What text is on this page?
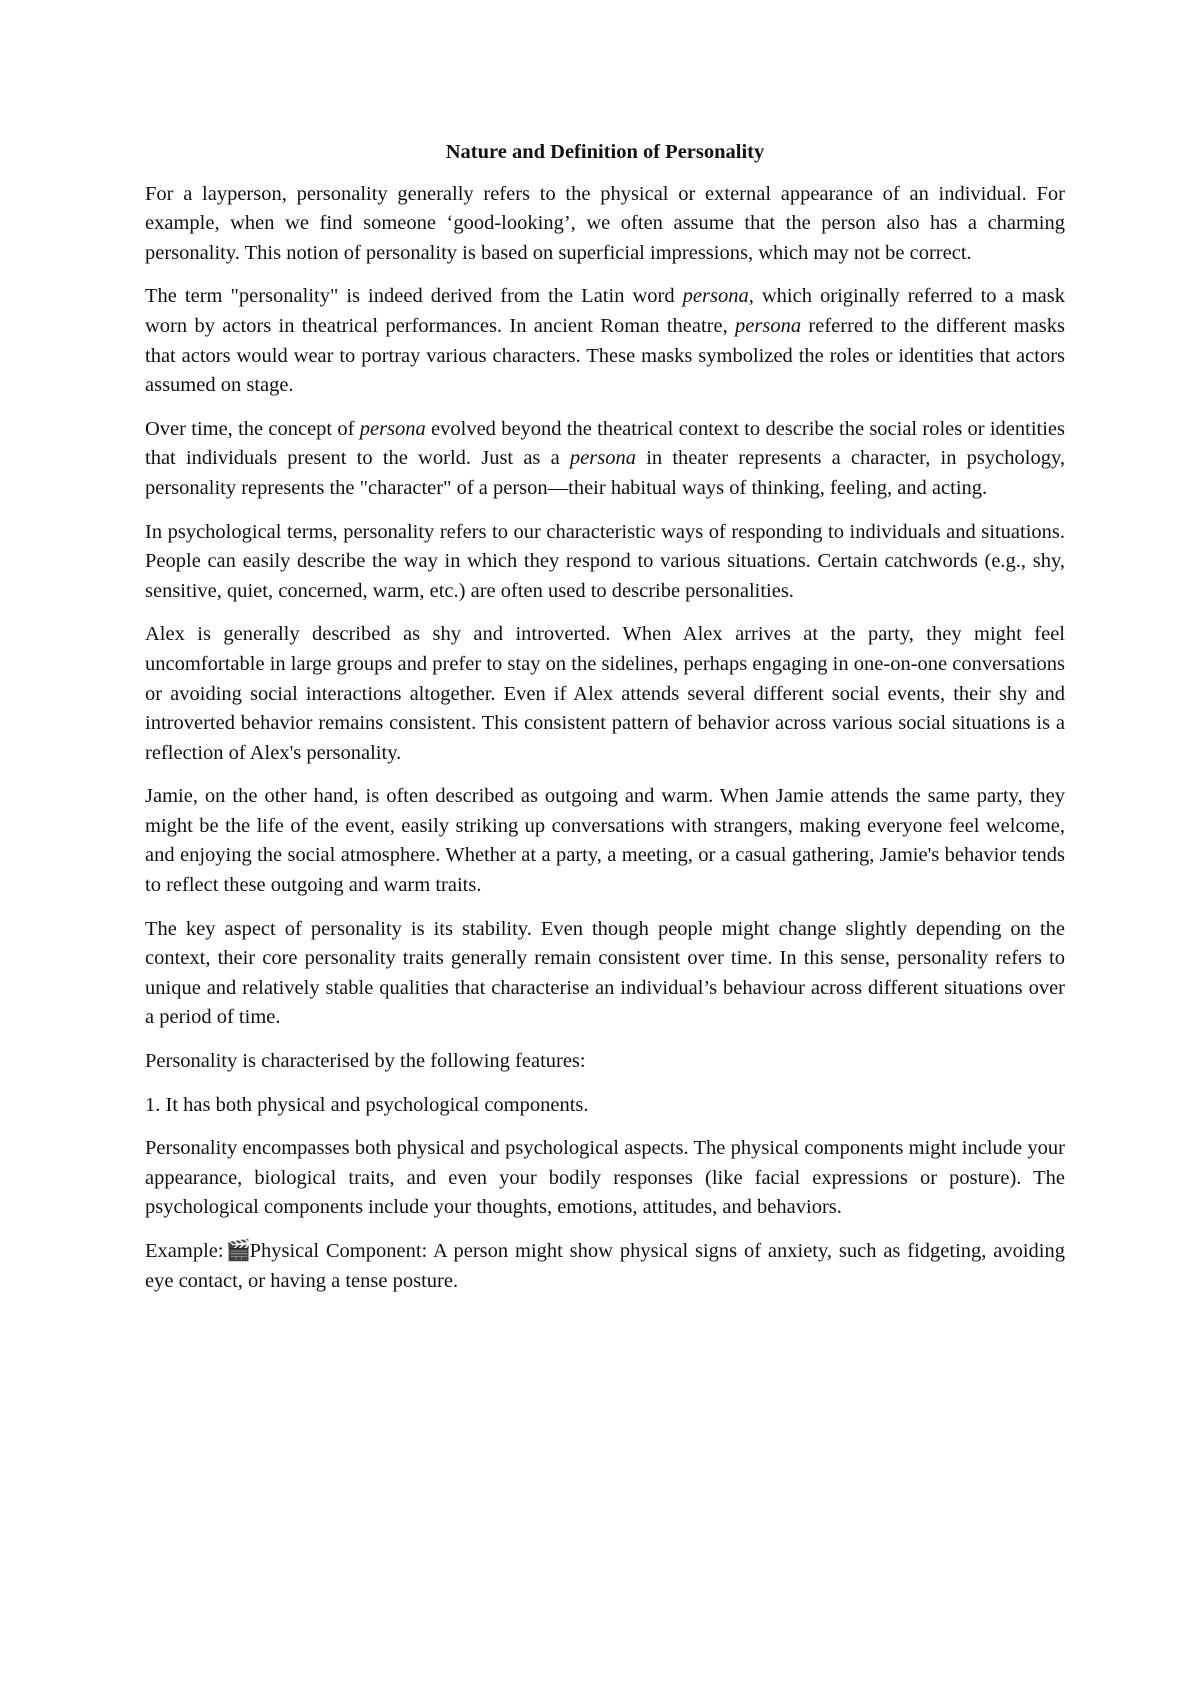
Nature and Definition of Personality

For a layperson, personality generally refers to the physical or external appearance of an individual. For example, when we find someone ‘good-looking’, we often assume that the person also has a charming personality. This notion of personality is based on superficial impressions, which may not be correct.

The term "personality" is indeed derived from the Latin word persona, which originally referred to a mask worn by actors in theatrical performances. In ancient Roman theatre, persona referred to the different masks that actors would wear to portray various characters. These masks symbolized the roles or identities that actors assumed on stage.

Over time, the concept of persona evolved beyond the theatrical context to describe the social roles or identities that individuals present to the world. Just as a persona in theater represents a character, in psychology, personality represents the "character" of a person—their habitual ways of thinking, feeling, and acting.

In psychological terms, personality refers to our characteristic ways of responding to individuals and situations. People can easily describe the way in which they respond to various situations. Certain catchwords (e.g., shy, sensitive, quiet, concerned, warm, etc.) are often used to describe personalities.

Alex is generally described as shy and introverted. When Alex arrives at the party, they might feel uncomfortable in large groups and prefer to stay on the sidelines, perhaps engaging in one-on-one conversations or avoiding social interactions altogether. Even if Alex attends several different social events, their shy and introverted behavior remains consistent. This consistent pattern of behavior across various social situations is a reflection of Alex's personality.

Jamie, on the other hand, is often described as outgoing and warm. When Jamie attends the same party, they might be the life of the event, easily striking up conversations with strangers, making everyone feel welcome, and enjoying the social atmosphere. Whether at a party, a meeting, or a casual gathering, Jamie's behavior tends to reflect these outgoing and warm traits.

The key aspect of personality is its stability. Even though people might change slightly depending on the context, their core personality traits generally remain consistent over time. In this sense, personality refers to unique and relatively stable qualities that characterise an individual’s behaviour across different situations over a period of time.

Personality is characterised by the following features:

1. It has both physical and psychological components.

Personality encompasses both physical and psychological aspects. The physical components might include your appearance, biological traits, and even your bodily responses (like facial expressions or posture). The psychological components include your thoughts, emotions, attitudes, and behaviors.

Example:🎬Physical Component: A person might show physical signs of anxiety, such as fidgeting, avoiding eye contact, or having a tense posture.
